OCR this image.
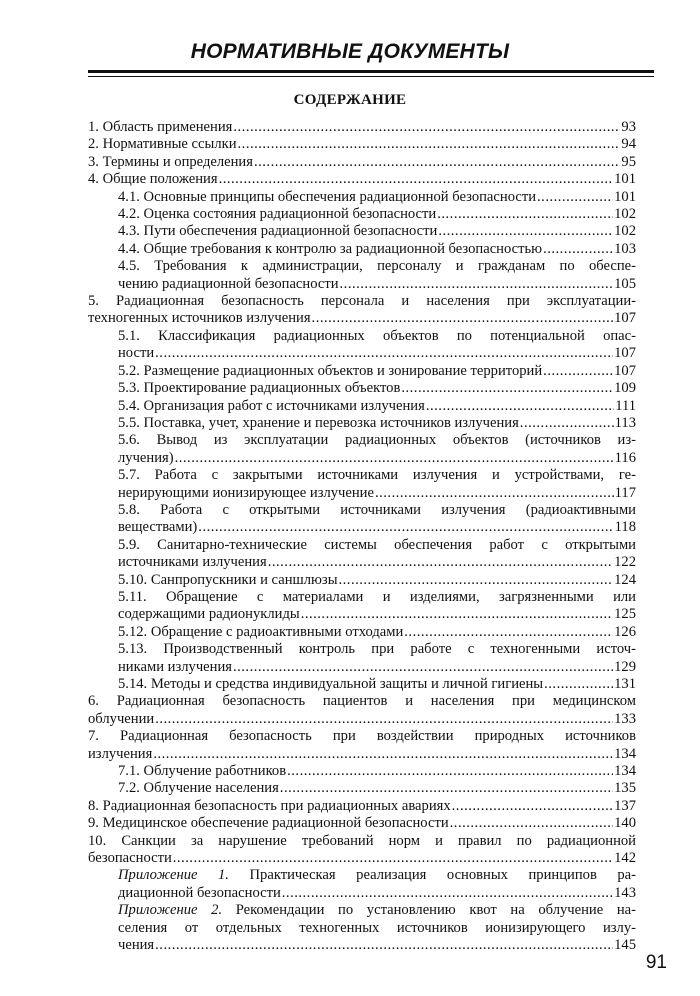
НОРМАТИВНЫЕ ДОКУМЕНТЫ
СОДЕРЖАНИЕ
1. Область применения .....	93
2. Нормативные ссылки .....	94
3. Термины и определения .....	95
4. Общие положения .....	101
4.1. Основные принципы обеспечения радиационной безопасности .....	101
4.2. Оценка состояния радиационной безопасности .....	102
4.3. Пути обеспечения радиационной безопасности .....	102
4.4. Общие требования к контролю за радиационной безопасностью .....	103
4.5. Требования к администрации, персоналу и гражданам по обеспе-
чению радиационной безопасности .....	105
5. Радиационная безопасность персонала и населения при эксплуатации-
техногенных источников излучения .....	107
5.1. Классификация радиационных объектов по потенциальной опас-
ности .....	107
5.2. Размещение радиационных объектов и зонирование территорий .....	107
5.3. Проектирование радиационных объектов .....	109
5.4. Организация работ с источниками излучения .....	111
5.5. Поставка, учет, хранение и перевозка источников излучения .....	113
5.6. Вывод из эксплуатации радиационных объектов (источников из-
лучения) .....	116
5.7. Работа с закрытыми источниками излучения и устройствами, ге-
нерирующими ионизирующее излучение .....	117
5.8. Работа с открытыми источниками излучения (радиоактивными
веществами) .....	118
5.9. Санитарно-технические системы обеспечения работ с открытыми
источниками излучения .....	122
5.10. Санпропускники и саншлюзы .....	124
5.11. Обращение с материалами и изделиями, загрязненными или
содержащими радионуклиды .....	125
5.12. Обращение с радиоактивными отходами .....	126
5.13. Производственный контроль при работе с техногенными источ-
никами излучения .....	129
5.14. Методы и средства индивидуальной защиты и личной гигиены .....	131
6. Радиационная безопасность пациентов и населения при медицинском
облучении .....	133
7. Радиационная безопасность при воздействии природных источников
излучения .....	134
7.1. Облучение работников .....	134
7.2. Облучение населения .....	135
8. Радиационная безопасность при радиационных авариях .....	137
9. Медицинское обеспечение радиационной безопасности .....	140
10. Санкции за нарушение требований норм и правил по радиационной
безопасности .....	142
Приложение 1. Практическая реализация основных принципов ра-
диационной безопасности .....	143
Приложение 2. Рекомендации по установлению квот на облучение на-
селения от отдельных техногенных источников ионизирующего излу-
чения .....	145
91
